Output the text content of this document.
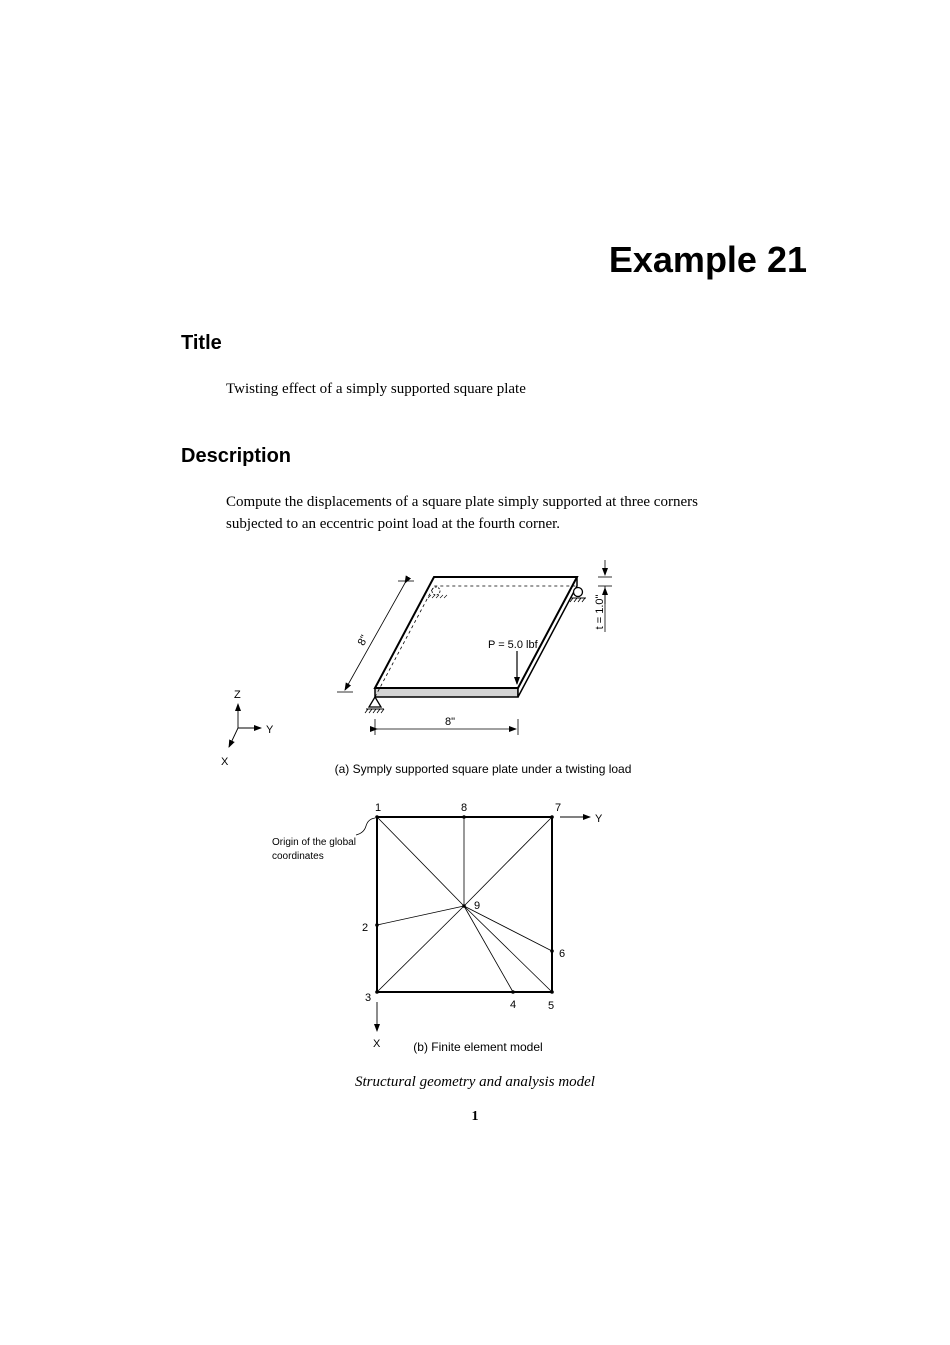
Example 21
Title
Twisting effect of a simply supported square plate
Description
Compute the displacements of a square plate simply supported at three corners subjected to an eccentric point load at the fourth corner.
8"
8"
t = 1.0"
P = 5.0 lbf
Z
Y
X	(a) Symply supported square plate under a twisting load
1
2
3
4	5
6
7
8
9
Origin of the global
coordinates
Y
X	(b) Finite element model
Structural geometry and analysis model
1
